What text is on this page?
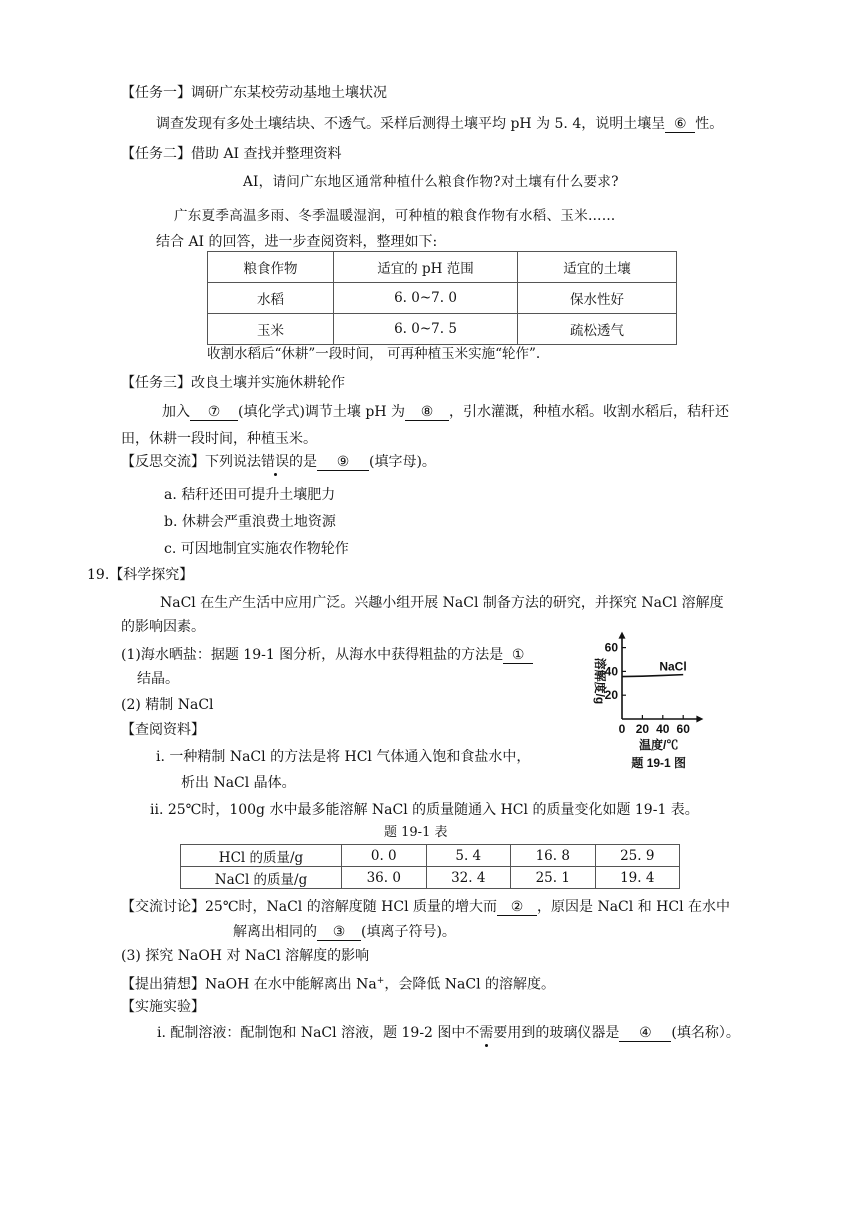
【任务一】调研广东某校劳动基地土壤状况
调查发现有多处土壤结块、不透气。采样后测得土壤平均 pH 为 5. 4，说明土壤呈 ⑥ 性。
【任务二】借助 AI 查找并整理资料
AI，请问广东地区通常种植什么粮食作物?对土壤有什么要求?
广东夏季高温多雨、冬季温暖湿润，可种植的粮食作物有水稻、玉米……
结合 AI 的回答，进一步查阅资料，整理如下:
粮食作物	适宜的 pH 范围	适宜的土壤
水稻	6. 0~7. 0	保水性好
玉米	6. 0~7. 5	疏松透气
收割水稻后“休耕”一段时间， 可再种植玉米实施“轮作”.
【任务三】改良土壤并实施休耕轮作
加入 ⑦ (填化学式)调节土壤 pH 为 ⑧ ，引水灌溉，种植水稻。收割水稻后，秸秆还
田，休耕一段时间，种植玉米。
【反思交流】下列说法错误的是 ⑨ (填字母)。
a. 秸秆还田可提升土壤肥力
b. 休耕会严重浪费土地资源
c. 可因地制宜实施农作物轮作
19.【科学探究】
NaCl 在生产生活中应用广泛。兴趣小组开展 NaCl 制备方法的研究，并探究 NaCl 溶解度
的影响因素。
(1)海水晒盐：据题 19-1 图分析，从海水中获得粗盐的方法是 ①
结晶。
(2) 精制 NaCl
【查阅资料】
i. 一种精制 NaCl 的方法是将 HCl 气体通入饱和食盐水中，
析出 NaCl 晶体。
ii. 25℃时，100g 水中最多能溶解 NaCl 的质量随通入 HCl 的质量变化如题 19-1 表。
20
40
60
0 20 40 60
溶解度/g
温度/℃
NaCl
题 19-1 图
题 19-1 表
HCl 的质量/g	0. 0	5. 4	16. 8	25. 9
NaCl 的质量/g	36. 0	32. 4	25. 1	19. 4
【交流讨论】25℃时，NaCl 的溶解度随 HCl 质量的增大而 ② ，原因是 NaCl 和 HCl 在水中
解离出相同的 ③ (填离子符号)。
(3) 探究 NaOH 对 NaCl 溶解度的影响
【提出猜想】NaOH 在水中能解离出 Na+，会降低 NaCl 的溶解度。
【实施实验】
i. 配制溶液：配制饱和 NaCl 溶液，题 19-2 图中不需要用到的玻璃仪器是 ④ (填名称）。
